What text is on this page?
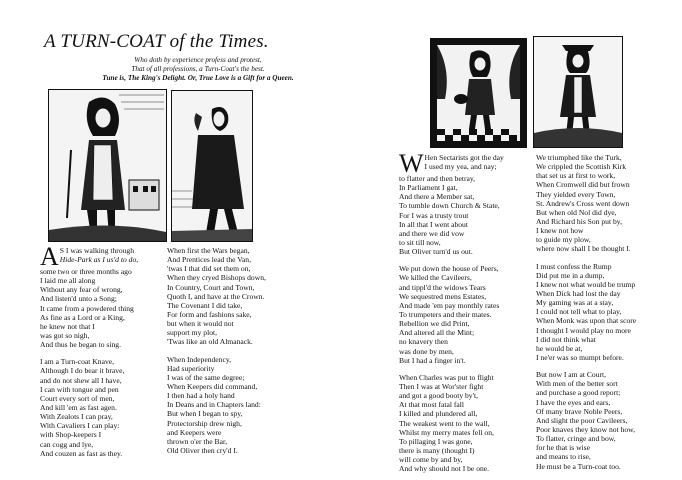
A TURN-COAT of the Times.
Who doth by experience profess and protest,
That of all professions, a Turn-Coat's the best.
Tune is, The King's Delight. Or, True Love is a Gift for a Queen.
A S I was walking through
Hide-Park as I us'd to do,
some two or three months ago
I laid me all along
Without any fear of wrong,
And listen'd unto a Song;
It came from a powdered thing
As fine as a Lord or a King,
he knew not that I
was got so nigh,
And thus he began to sing.
I am a Turn-coat Knave,
Although I do bear it brave,
and do not shew all I have,
I can with tongue and pen
Court every sort of men,
And kill 'em as fast agen.
With Zealots I can pray,
With Cavaliers I can play:
with Shop-keepers I
can cogg and lye,
And couzen as fast as they.
When first the Wars began,
And Prentices lead the Van,
'twas I that did set them on,
When they cryed Bishops down,
In Country, Court and Town,
Quoth I, and have at the Crown.
The Covenant I did take,
For form and fashions sake,
but when it would not
support my plot,
'Twas like an old Almanack.
When Independency,
Had superiority
I was of the same degree;
When Keepers did command,
I then had a holy hand
In Deans and in Chapters land:
But when I began to spy,
Protectorship drew nigh,
and Keepers were
thrown o'er the Bar,
Old Oliver then cry'd I.
W Hen Sectarists got the day
I used my yea, and nay;
to flatter and then betray,
In Parliament I gat,
And there a Member sat,
To tumble down Church & State,
For I was a trusty trout
In all that I went about
and there we did vow
to sit till now,
But Oliver turn'd us out.
We put down the house of Peers,
We killed the Cavileers,
and tippl'd the widows Tears
We sequestred mens Estates,
And made 'em pay monthly rates
To trumpeters and their mates.
Rebellion we did Print,
And altered all the Mint;
no knavery then
was done by men,
But I had a finger in't.
When Charles was put to flight
Then I was at Wor'ster fight
and got a good booty by't,
At that most fatal fall
I killed and plundered all,
The weakest went to the wall,
Whilst my merry mates fell on,
To pillaging I was gone,
there is many (thought I)
will come by and by,
And why should not I be one.
We triumphed like the Turk,
We crippled the Scottish Kirk
that set us at first to work,
When Cromwell did but frown
They yielded every Town,
St. Andrew's Cross went down
But when old Nol did dye,
And Richard his Son put by,
I knew not how
to guide my plow,
where now shall I be thought I.
I must confess the Rump
Did put me in a dump,
I knew not what would be trump
When Dick had lost the day
My gaming was at a stay,
I could not tell what to play,
When Monk was upon that score
I thought I would play no more
I did not think what
he would be at,
I ne'er was so mumpt before.
But now I am at Court,
With men of the better sort
and purchase a good report;
I have the eyes and ears,
Of many brave Noble Peers,
And slight the poor Cavileers,
Poor knaves they know not how,
To flatter, cringe and bow,
for he that is wise
and means to rise,
He must be a Turn-coat too.
